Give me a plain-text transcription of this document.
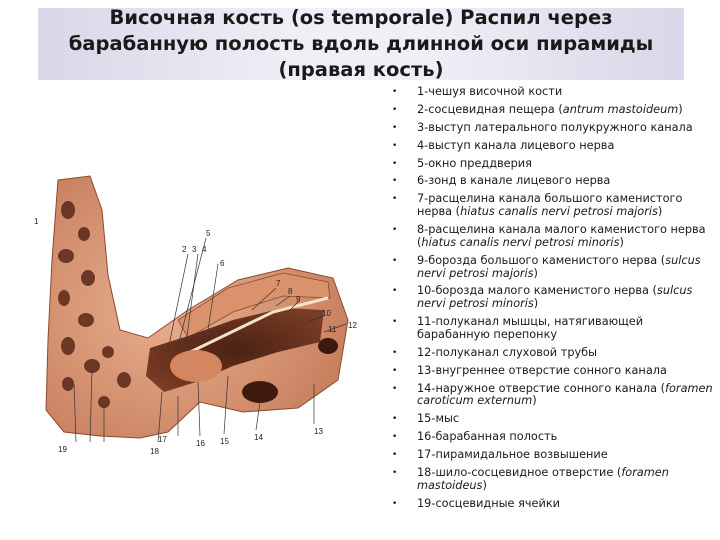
Височная кость (os temporale) Распил через барабанную полость вдоль длинной оси пирамиды (правая кость)
5
2 3 4
6
7
8
9
10
11 12
13
14
15
16
17
18
19
1
• 1-чешуя височной кости
• 2-сосцевидная пещера (antrum mastoideum)
• 3-выступ латерального полукружного канала
• 4-выступ канала лицевого нерва
• 5-окно преддверия
• 6-зонд в канале лицевого нерва
• 7-расщелина канала большого каменистого нерва (hiatus canalis nervi petrosi majoris)
• 8-расщелина канала малого каменистого нерва (hiatus canalis nervi petrosi minoris)
• 9-борозда большого каменистого нерва (sulcus nervi petrosi majoris)
• 10-борозда малого каменистого нерва (sulcus nervi petrosi minoris)
• 11-полуканал мышцы, натягивающей барабанную перепонку
• 12-полуканал слуховой трубы
• 13-внугреннее отверстие сонного канала
• 14-наружное отверстие сонного канала (foramen caroticum externum)
• 15-мыс
• 16-барабанная полость
• 17-пирамидальное возвышение
• 18-шило-сосцевидное отверстие (foramen mastoideus)
• 19-сосцевидные ячейки
